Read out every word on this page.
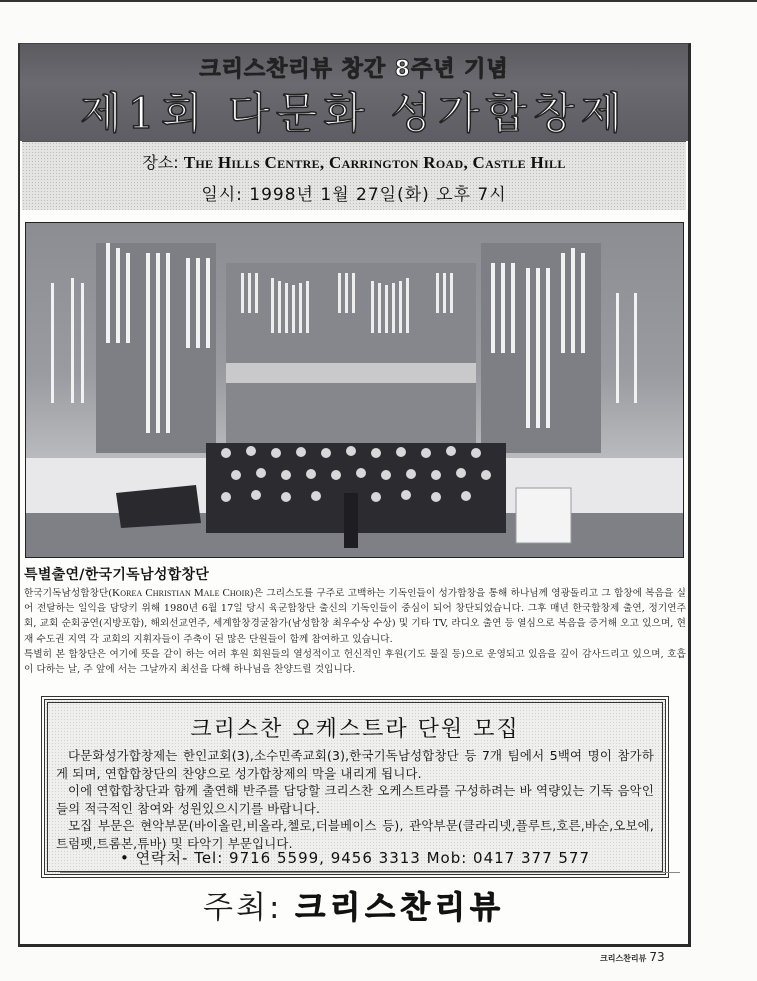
크리스찬리뷰 창간 8주년 기념
제1회 다문화 성가합창제
장소: The Hills Centre, Carrington Road, Castle Hill
일시: 1998년 1월 27일(화) 오후 7시
특별출연/한국기독남성합창단

한국기독남성합창단(Korea Christian Male Choir)은 그리스도를 구주로 고백하는 기독인들이 성가합창을 통해 하나님께 영광돌리고 그 합창에 복음을 실어 전달하는 일익을 담당키 위해 1980년 6월 17일 당시 육군합창단 출신의 기독인들이 중심이 되어 창단되었습니다. 그후 매년 한국합창제 출연, 정기연주회, 교회 순회공연(지방포함), 해외선교연주, 세계합창경굴참가(남성합창 최우수상 수상) 및 기타 TV, 라디오 출연 등 열심으로 복음을 증거해 오고 있으며, 현재 수도권 지역 각 교회의 지휘자들이 주축이 된 많은 단원들이 함께 참여하고 있습니다.
특별히 본 합창단은 여기에 뜻을 같이 하는 여러 후원 회원들의 열성적이고 헌신적인 후원(기도 물질 등)으로 운영되고 있음을 깊이 감사드리고 있으며, 호흡이 다하는 날, 주 앞에 서는 그날까지 최선을 다해 하나님을 찬양드릴 것입니다.

크리스찬 오케스트라 단원 모집

다문화성가합창제는 한인교회(3),소수민족교회(3),한국기독남성합창단 등 7개 팀에서 5백여 명이 참가하게 되며, 연합합창단의 찬양으로 성가합창제의 막을 내리게 됩니다.

이에 연합합창단과 함께 출연해 반주를 담당할 크리스찬 오케스트라를 구성하려는 바 역량있는 기독 음악인들의 적극적인 참여와 성원있으시기를 바랍니다.

모집 부문은 현악부문(바이올린,비올라,첼로,더블베이스 등), 관악부문(클라리넷,플루트,호른,바순,오보에,트럼펫,트롬본,튜바) 및 타악기 부문입니다.

• 연락처- Tel: 9716 5599, 9456 3313 Mob: 0417 377 577
주최: 크리스찬리뷰
크리스찬리뷰 73
